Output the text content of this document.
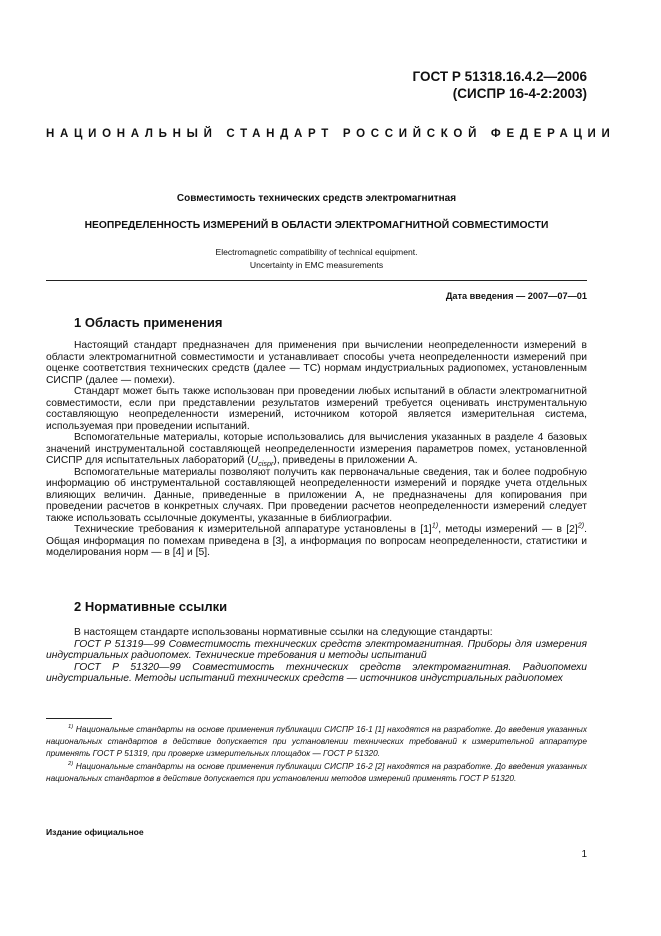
ГОСТ Р 51318.16.4.2—2006
(СИСПР 16-4-2:2003)
НАЦИОНАЛЬНЫЙ СТАНДАРТ РОССИЙСКОЙ ФЕДЕРАЦИИ
Совместимость технических средств электромагнитная
НЕОПРЕДЕЛЕННОСТЬ ИЗМЕРЕНИЙ В ОБЛАСТИ ЭЛЕКТРОМАГНИТНОЙ СОВМЕСТИМОСТИ
Electromagnetic compatibility of technical equipment.
Uncertainty in EMC measurements
Дата введения — 2007—07—01
1 Область применения

Настоящий стандарт предназначен для применения при вычислении неопределенности измерений в области электромагнитной совместимости и устанавливает способы учета неопределенности измерений при оценке соответствия технических средств (далее — ТС) нормам индустриальных радиопомех, установленным СИСПР (далее — помехи).

Стандарт может быть также использован при проведении любых испытаний в области электромагнитной совместимости, если при представлении результатов измерений требуется оценивать инструментальную составляющую неопределенности измерений, источником которой является измерительная система, используемая при проведении испытаний.

Вспомогательные материалы, которые использовались для вычисления указанных в разделе 4 базовых значений инструментальной составляющей неопределенности измерения параметров помех, установленной СИСПР для испытательных лабораторий $(U_{cispr})$, приведены в приложении А.

Вспомогательные материалы позволяют получить как первоначальные сведения, так и более подробную информацию об инструментальной составляющей неопределенности измерений и порядке учета отдельных влияющих величин. Данные, приведенные в приложении А, не предназначены для копирования при проведении расчетов в конкретных случаях. При проведении расчетов неопределенности измерений следует также использовать ссылочные документы, указанные в библиографии.

Технические требования к измерительной аппаратуре установлены в $[1]^{1)}$, методы измерений — в $[2]^{2)}$. Общая информация по помехам приведена в [3], а информация по вопросам неопределенности, статистики и моделирования норм — в [4] и [5].

2 Нормативные ссылки

В настоящем стандарте использованы нормативные ссылки на следующие стандарты:

ГОСТ Р 51319—99 Совместимость технических средств электромагнитная. Приборы для измерения индустриальных радиопомех. Технические требования и методы испытаний

ГОСТ Р 51320—99 Совместимость технических средств электромагнитная. Радиопомехи индустриальные. Методы испытаний технических средств — источников индустриальных радиопомех

$^{1)}$ Национальные стандарты на основе применения публикации СИСПР 16-1 [1] находятся на разработке. До введения указанных национальных стандартов в действие допускается при установлении технических требований к измерительной аппаратуре применять ГОСТ Р 51319, при проверке измерительных площадок — ГОСТ Р 51320.

$^{2)}$ Национальные стандарты на основе применения публикации СИСПР 16-2 [2] находятся на разработке. До введения указанных национальных стандартов в действие допускается при установлении методов измерений применять ГОСТ Р 51320.

Издание официальное
1
